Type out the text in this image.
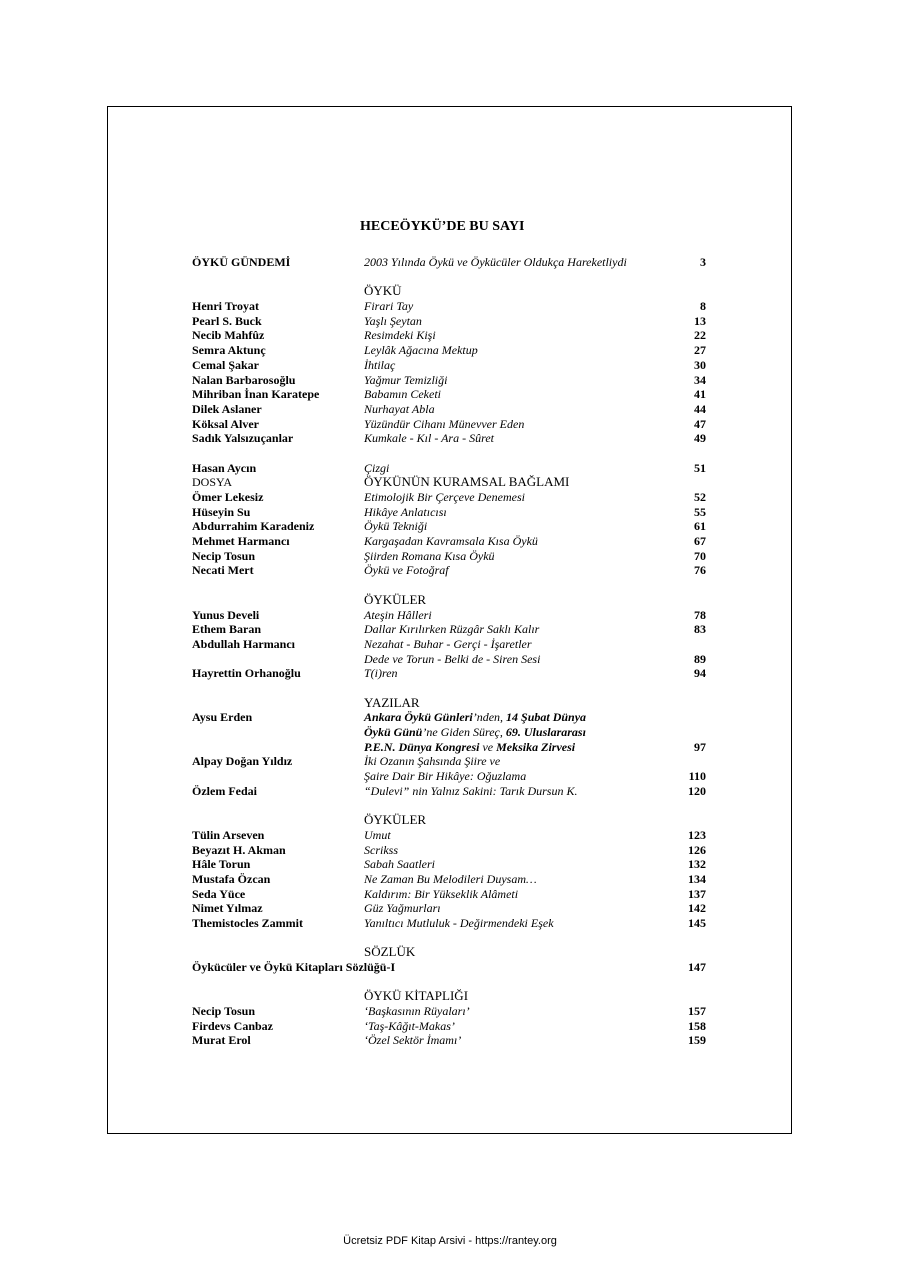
HECEÖYKÜ’DE BU SAYI
ÖYKÜ GÜNDEMİ	2003 Yılında Öykü ve Öykücüler Oldukça Hareketliydi	3
ÖYKÜ
Henri Troyat	Firari Tay	8
Pearl S. Buck	Yaşlı Şeytan	13
Necib Mahfûz	Resimdeki Kişi	22
Semra Aktunç	Leylâk Ağacına Mektup	27
Cemal Şakar	İhtilaç	30
Nalan Barbarosoğlu	Yağmur Temizliği	34
Mihriban İnan Karatepe	Babamın Ceketi	41
Dilek Aslaner	Nurhayat Abla	44
Köksal Alver	Yüzündür Cihanı Münevver Eden	47
Sadık Yalsızuçanlar	Kumkale - Kıl - Ara - Sûret	49
Hasan Aycın	Çizgi	51
DOSYA	ÖYKÜNÜN KURAMSAL BAĞLAMI
Ömer Lekesiz	Etimolojik Bir Çerçeve Denemesi	52
Hüseyin Su	Hikâye Anlatıcısı	55
Abdurrahim Karadeniz	Öykü Tekniği	61
Mehmet Harmancı	Kargaşadan Kavramsala Kısa Öykü	67
Necip Tosun	Şiirden Romana Kısa Öykü	70
Necati Mert	Öykü ve Fotoğraf	76
ÖYKÜLER
Yunus Develi	Ateşin Hâlleri	78
Ethem Baran	Dallar Kırılırken Rüzgâr Saklı Kalır	83
Abdullah Harmancı	Nezahat - Buhar - Gerçi - İşaretler
Dede ve Torun - Belki de - Siren Sesi	89
Hayrettin Orhanoğlu	T(i)ren	94
YAZILAR
Aysu Erden	Ankara Öykü Günleri’nden, 14 Şubat Dünya
Öykü Günü’ne Giden Süreç, 69. Uluslararası
P.E.N. Dünya Kongresi ve Meksika Zirvesi	97
Alpay Doğan Yıldız	İki Ozanın Şahsında Şiire ve
Şaire Dair Bir Hikâye: Oğuzlama	110
Özlem Fedai	“Dulevi” nin Yalnız Sakini: Tarık Dursun K.	120
ÖYKÜLER
Tülin Arseven	Umut	123
Beyazıt H. Akman	Scrikss	126
Hâle Torun	Sabah Saatleri	132
Mustafa Özcan	Ne Zaman Bu Melodileri Duysam…	134
Seda Yüce	Kaldırım: Bir Yükseklik Alâmeti	137
Nimet Yılmaz	Güz Yağmurları	142
Themistocles Zammit	Yanıltıcı Mutluluk - Değirmendeki Eşek	145
SÖZLÜK
Öykücüler ve Öykü Kitapları Sözlüğü-I	147
ÖYKÜ KİTAPLIĞI
Necip Tosun	‘Başkasının Rüyaları’	157
Firdevs Canbaz	‘Taş-Kâğıt-Makas’	158
Murat Erol	‘Özel Sektör İmamı’	159
Ücretsiz PDF Kitap Arsivi - https://rantey.org
